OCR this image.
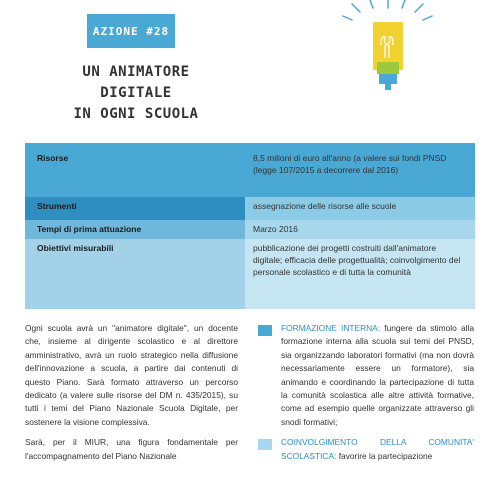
AZIONE #28
UN ANIMATORE DIGITALE
IN OGNI SCUOLA
Risorse	8,5 milioni di euro all'anno (a valere sui fondi PNSD (legge 107/2015 a decorrere dal 2016)
Strumenti	assegnazione delle risorse alle scuole
Tempi di prima attuazione	Marzo 2016
Obiettivi misurabili	pubblicazione dei progetti costruiti dall'animatore digitale; efficacia delle progettualità; coinvolgimento del personale scolastico e di tutta la comunità

Ogni scuola avrà un "animatore digitale", un docente che, insieme al dirigente scolastico e al direttore amministrativo, avrà un ruolo strategico nella diffusione dell'innovazione a scuola, a partire dai contenuti di questo Piano. Sarà formato attraverso un percorso dedicato (a valere sulle risorse del DM n. 435/2015), su tutti i temi del Piano Nazionale Scuola Digitale, per sostenere la visione complessiva.

Sarà, per il MIUR, una figura fondamentale per l'accompagnamento del Piano Nazionale

FORMAZIONE INTERNA: fungere da stimolo alla formazione interna alla scuola sui temi del PNSD, sia organizzando laboratori formativi (ma non dovrà necessariamente essere un formatore), sia animando e coordinando la partecipazione di tutta la comunità scolastica alle altre attività formative, come ad esempio quelle organizzate attraverso gli snodi formativi;
COINVOLGIMENTO DELLA COMUNITA' SCOLASTICA: favorire la partecipazione
